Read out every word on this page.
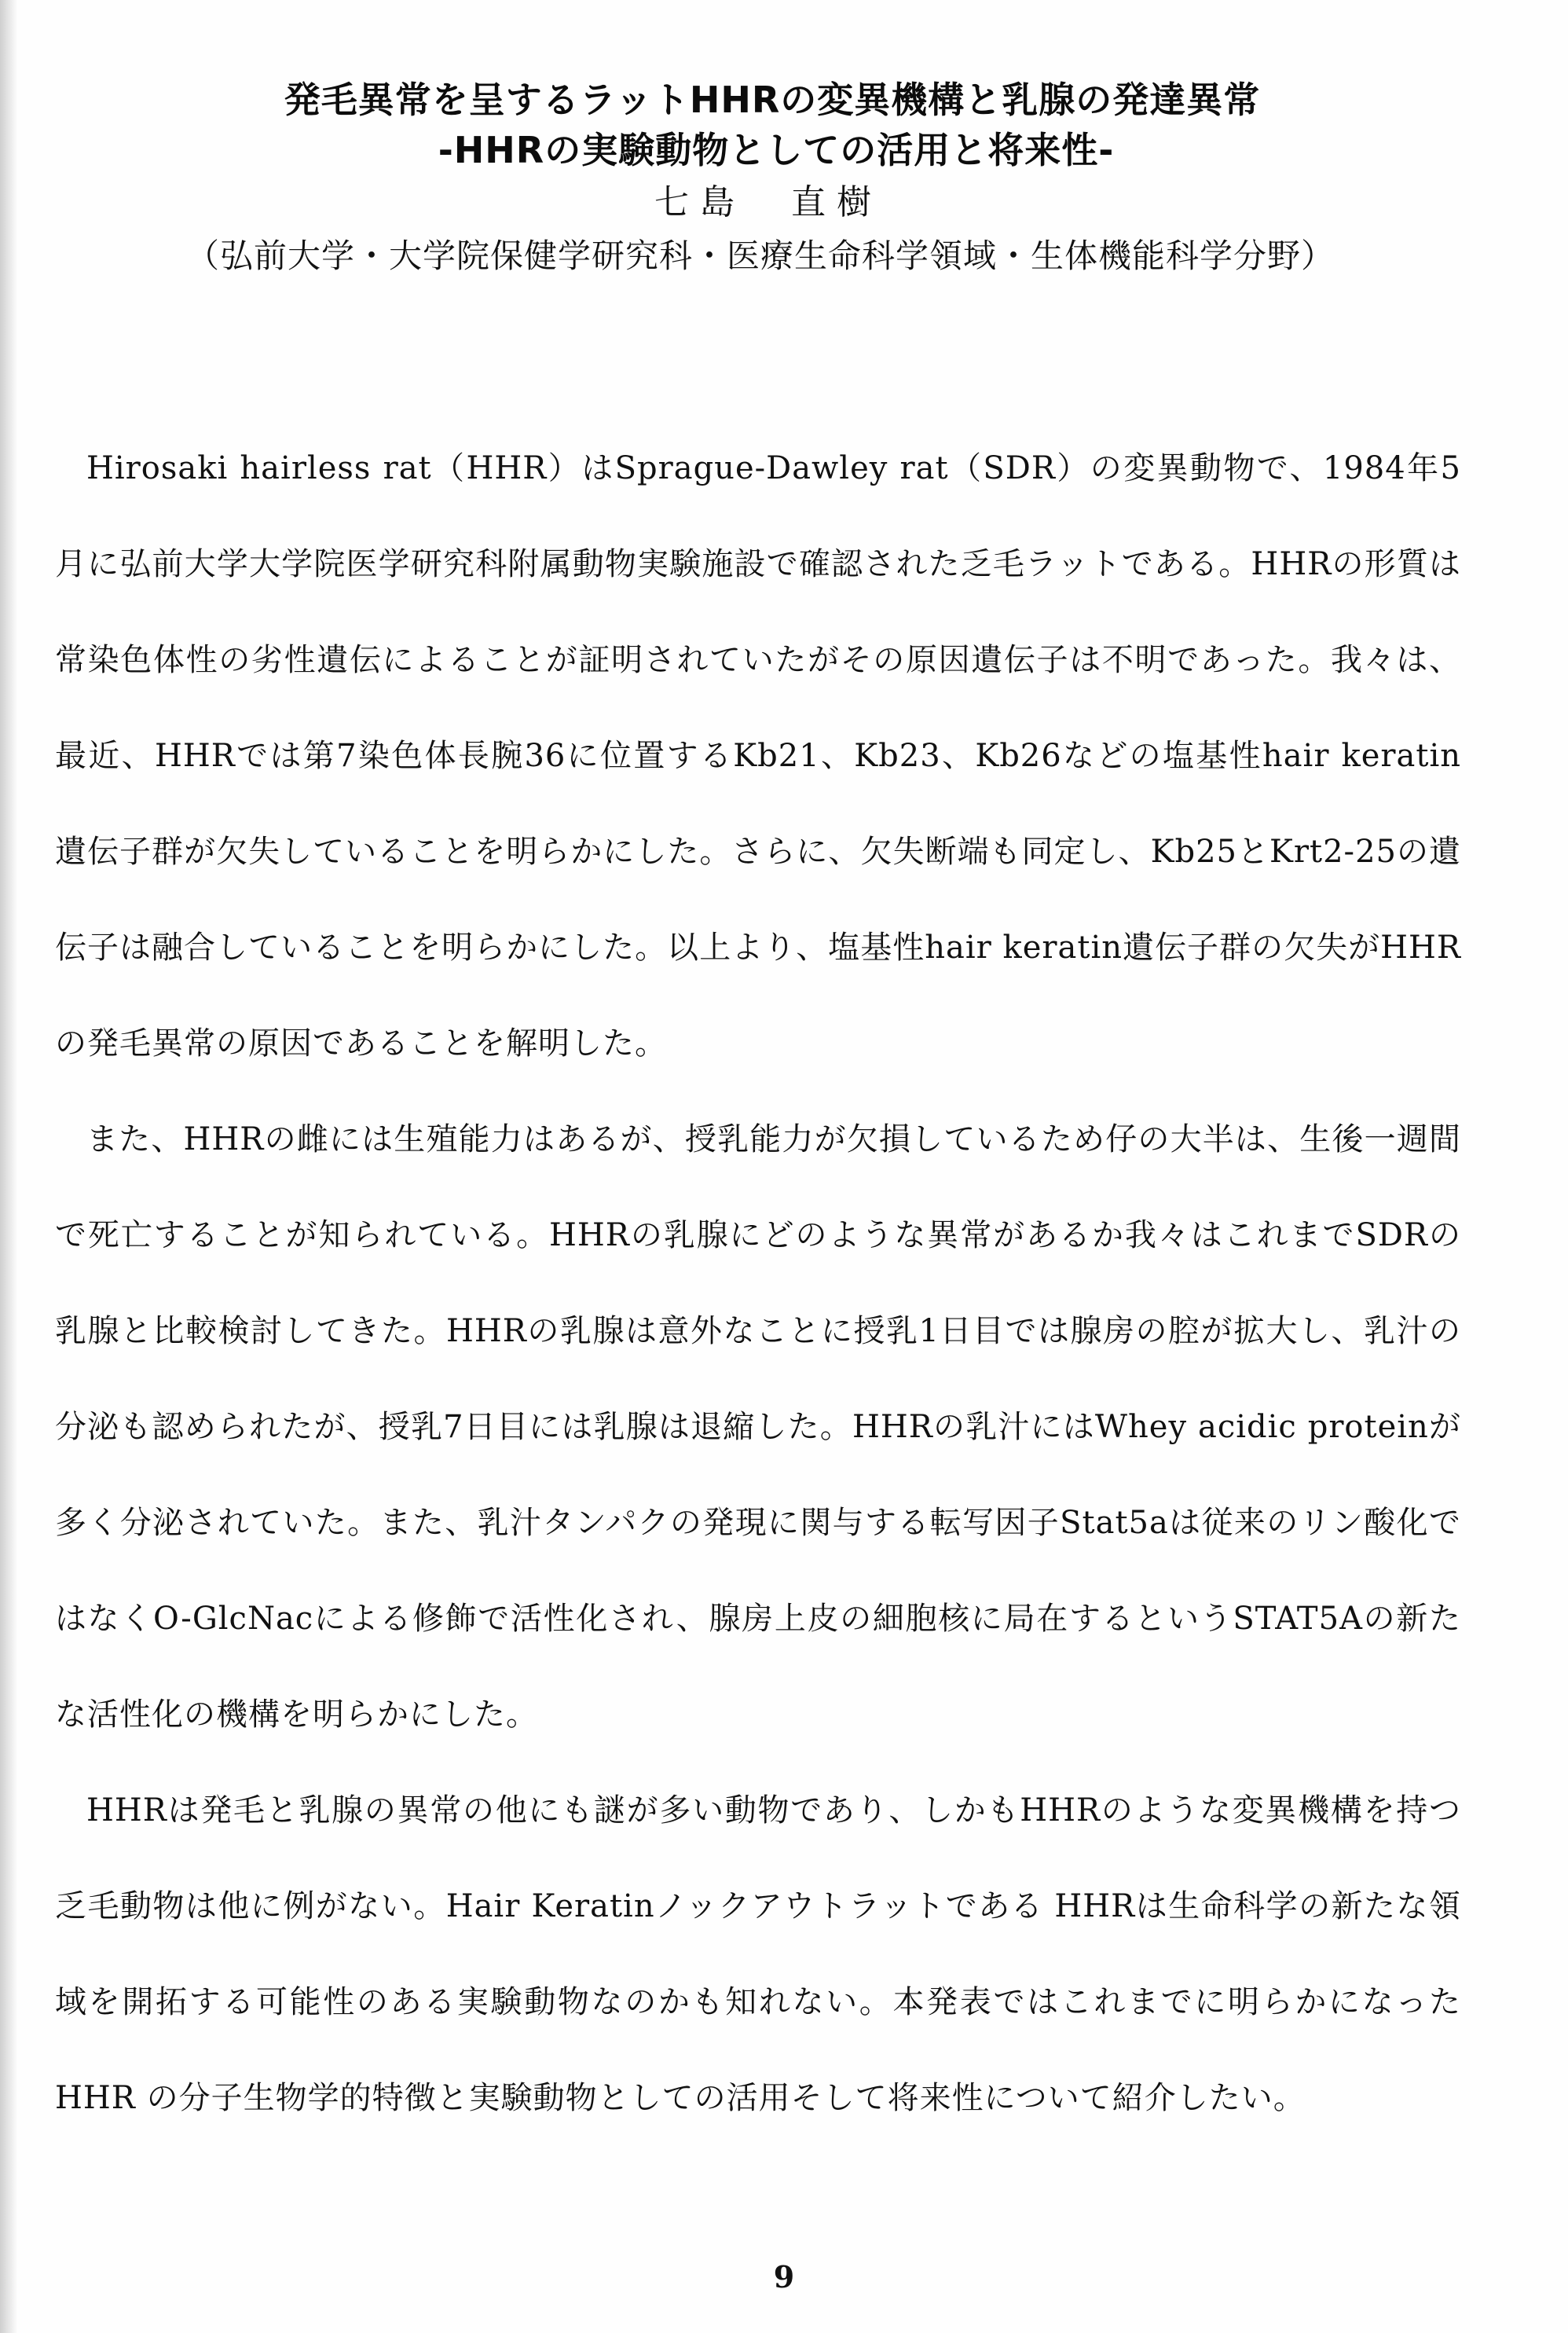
発毛異常を呈するラットHHRの変異機構と乳腺の発達異常
-HHRの実験動物としての活用と将来性-
七島　直樹
（弘前大学・大学院保健学研究科・医療生命科学領域・生体機能科学分野）

Hirosaki hairless rat（HHR）はSprague-Dawley rat（SDR）の変異動物で、1984年5月に弘前大学大学院医学研究科附属動物実験施設で確認された乏毛ラットである。HHRの形質は常染色体性の劣性遺伝によることが証明されていたがその原因遺伝子は不明であった。我々は、最近、HHRでは第7染色体長腕36に位置するKb21、Kb23、Kb26などの塩基性hair keratin遺伝子群が欠失していることを明らかにした。さらに、欠失断端も同定し、Kb25とKrt2-25の遺伝子は融合していることを明らかにした。以上より、塩基性hair keratin遺伝子群の欠失がHHRの発毛異常の原因であることを解明した。

また、HHRの雌には生殖能力はあるが、授乳能力が欠損しているため仔の大半は、生後一週間で死亡することが知られている。HHRの乳腺にどのような異常があるか我々はこれまでSDRの乳腺と比較検討してきた。HHRの乳腺は意外なことに授乳1日目では腺房の腔が拡大し、乳汁の分泌も認められたが、授乳7日目には乳腺は退縮した。HHRの乳汁にはWhey acidic proteinが多く分泌されていた。また、乳汁タンパクの発現に関与する転写因子Stat5aは従来のリン酸化ではなくO-GlcNacによる修飾で活性化され、腺房上皮の細胞核に局在するというSTAT5Aの新たな活性化の機構を明らかにした。

HHRは発毛と乳腺の異常の他にも謎が多い動物であり、しかもHHRのような変異機構を持つ乏毛動物は他に例がない。Hair Keratinノックアウトラットである HHRは生命科学の新たな領域を開拓する可能性のある実験動物なのかも知れない。本発表ではこれまでに明らかになった HHR の分子生物学的特徴と実験動物としての活用そして将来性について紹介したい。

9
